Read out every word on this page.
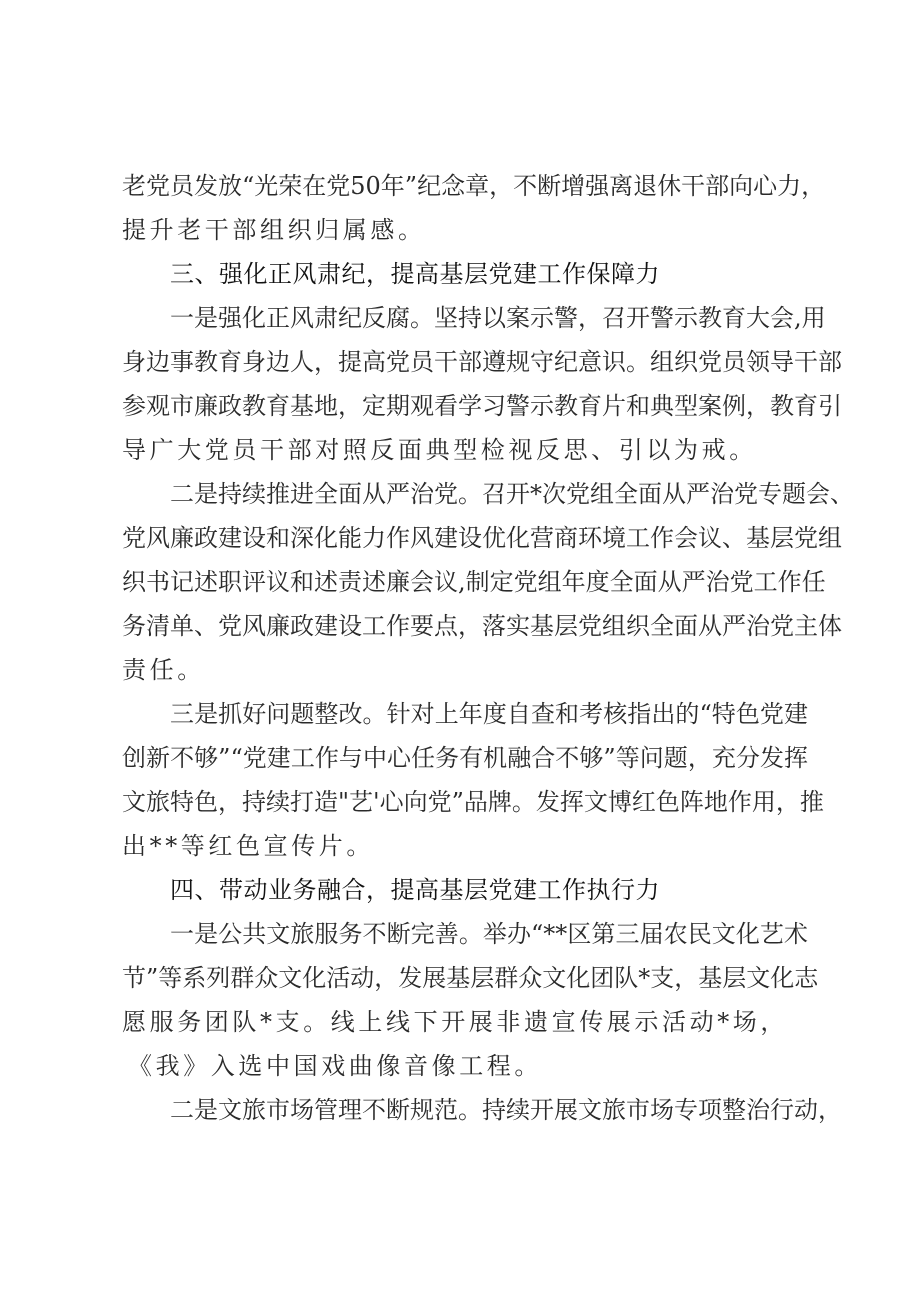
老党员发放“光荣在党50年”纪念章，不断增强离退休干部向心力，
提升老干部组织归属感。
三、强化正风肃纪，提高基层党建工作保障力
一是强化正风肃纪反腐。坚持以案示警，召开警示教育大会,用
身边事教育身边人，提高党员干部遵规守纪意识。组织党员领导干部
参观市廉政教育基地，定期观看学习警示教育片和典型案例，教育引
导广大党员干部对照反面典型检视反思、引以为戒。
二是持续推进全面从严治党。召开*次党组全面从严治党专题会、
党风廉政建设和深化能力作风建设优化营商环境工作会议、基层党组
织书记述职评议和述责述廉会议,制定党组年度全面从严治党工作任
务清单、党风廉政建设工作要点，落实基层党组织全面从严治党主体
责任。
三是抓好问题整改。针对上年度自查和考核指出的“特色党建
创新不够”“党建工作与中心任务有机融合不够”等问题，充分发挥
文旅特色，持续打造"艺'心向党”品牌。发挥文博红色阵地作用，推
出**等红色宣传片。
四、带动业务融合，提高基层党建工作执行力
一是公共文旅服务不断完善。举办“**区第三届农民文化艺术
节”等系列群众文化活动，发展基层群众文化团队*支，基层文化志
愿服务团队*支。线上线下开展非遗宣传展示活动*场，
《我》入选中国戏曲像音像工程。
二是文旅市场管理不断规范。持续开展文旅市场专项整治行动，
